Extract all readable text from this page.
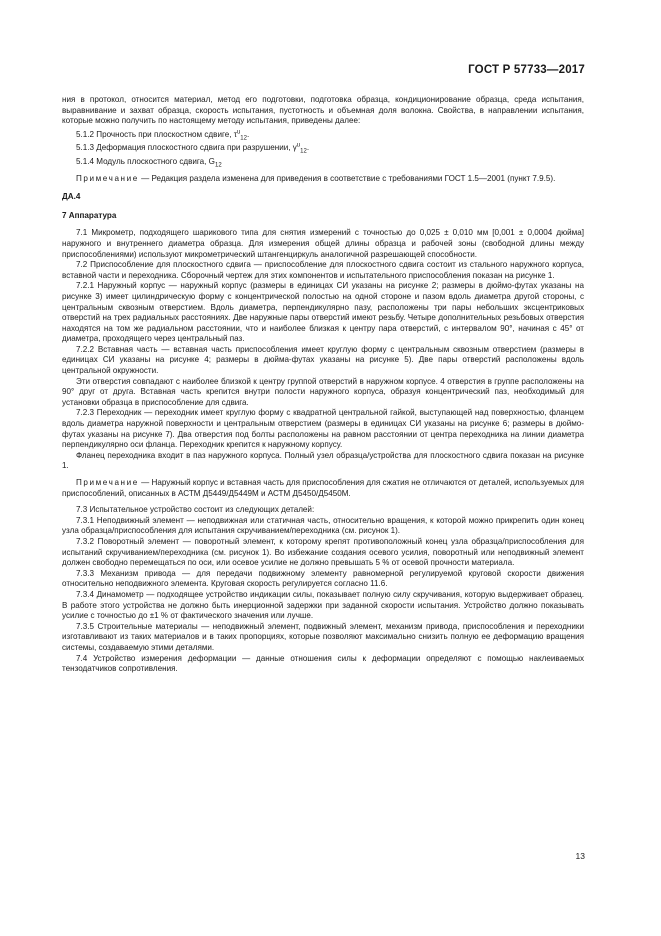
ГОСТ Р 57733—2017

ния в протокол, относится материал, метод его подготовки, подготовка образца, кондиционирование образца, среда испытания, выравнивание и захват образца, скорость испытания, пустотность и объемная доля волокна. Свойства, в направлении испытания, которые можно получить по настоящему методу испытания, приведены далее:

5.1.2 Прочность при плоскостном сдвиге, $\tau^u_{12}$.

5.1.3 Деформация плоскостного сдвига при разрушении, $\gamma^u_{12}$.

5.1.4 Модуль плоскостного сдвига, $G_{12}$

Примечание — Редакция раздела изменена для приведения в соответствие с требованиями ГОСТ 1.5—2001 (пункт 7.9.5).

ДА.4

7 Аппаратура

7.1 Микрометр, подходящего шарикового типа для снятия измерений с точностью до 0,025 ± 0,010 мм [0,001 ± 0,0004 дюйма] наружного и внутреннего диаметра образца. Для измерения общей длины образца и рабочей зоны (свободной длины между приспособлениями) используют микрометрический штангенциркуль аналогичной разрешающей способности.

7.2 Приспособление для плоскостного сдвига — приспособление для плоскостного сдвига состоит из стального наружного корпуса, вставной части и переходника. Сборочный чертеж для этих компонентов и испытательного приспособления показан на рисунке 1.

7.2.1 Наружный корпус — наружный корпус (размеры в единицах СИ указаны на рисунке 2; размеры в дюймо-футах указаны на рисунке 3) имеет цилиндрическую форму с концентрической полостью на одной стороне и пазом вдоль диаметра другой стороны, с центральным сквозным отверстием. Вдоль диаметра, перпендикулярно пазу, расположены три пары небольших эксцентриковых отверстий на трех радиальных расстояниях. Две наружные пары отверстий имеют резьбу. Четыре дополнительных резьбовых отверстия находятся на том же радиальном расстоянии, что и наиболее близкая к центру пара отверстий, с интервалом 90°, начиная с 45° от диаметра, проходящего через центральный паз.

7.2.2 Вставная часть — вставная часть приспособления имеет круглую форму с центральным сквозным отверстием (размеры в единицах СИ указаны на рисунке 4; размеры в дюйма-футах указаны на рисунке 5). Две пары отверстий расположены вдоль центральной окружности.

Эти отверстия совпадают с наиболее близкой к центру группой отверстий в наружном корпусе. 4 отверстия в группе расположены на 90° друг от друга. Вставная часть крепится внутри полости наружного корпуса, образуя концентрический паз, необходимый для установки образца в приспособление для сдвига.

7.2.3 Переходник — переходник имеет круглую форму с квадратной центральной гайкой, выступающей над поверхностью, фланцем вдоль диаметра наружной поверхности и центральным отверстием (размеры в единицах СИ указаны на рисунке 6; размеры в дюймо-футах указаны на рисунке 7). Два отверстия под болты расположены на равном расстоянии от центра переходника на линии диаметра перпендикулярно оси фланца. Переходник крепится к наружному корпусу.

Фланец переходника входит в паз наружного корпуса. Полный узел образца/устройства для плоскостного сдвига показан на рисунке 1.

Примечание — Наружный корпус и вставная часть для приспособления для сжатия не отличаются от деталей, используемых для приспособлений, описанных в АСТМ Д5449/Д5449М и АСТМ Д5450/Д5450М.

7.3 Испытательное устройство состоит из следующих деталей:

7.3.1 Неподвижный элемент — неподвижная или статичная часть, относительно вращения, к которой можно прикрепить один конец узла образца/приспособления для испытания скручиванием/переходника (см. рисунок 1).

7.3.2 Поворотный элемент — поворотный элемент, к которому крепят противоположный конец узла образца/приспособления для испытаний скручиванием/переходника (см. рисунок 1). Во избежание создания осевого усилия, поворотный или неподвижный элемент должен свободно перемещаться по оси, или осевое усилие не должно превышать 5 % от осевой прочности материала.

7.3.3 Механизм привода — для передачи подвижному элементу равномерной регулируемой круговой скорости движения относительно неподвижного элемента. Круговая скорость регулируется согласно 11.6.

7.3.4 Динамометр — подходящее устройство индикации силы, показывает полную силу скручивания, которую выдерживает образец. В работе этого устройства не должно быть инерционной задержки при заданной скорости испытания. Устройство должно показывать усилие с точностью до ±1 % от фактического значения или лучше.

7.3.5 Строительные материалы — неподвижный элемент, подвижный элемент, механизм привода, приспособления и переходники изготавливают из таких материалов и в таких пропорциях, которые позволяют максимально снизить полную ее деформацию вращения системы, создаваемую этими деталями.

7.4 Устройство измерения деформации — данные отношения силы к деформации определяют с помощью наклеиваемых тензодатчиков сопротивления.

13
